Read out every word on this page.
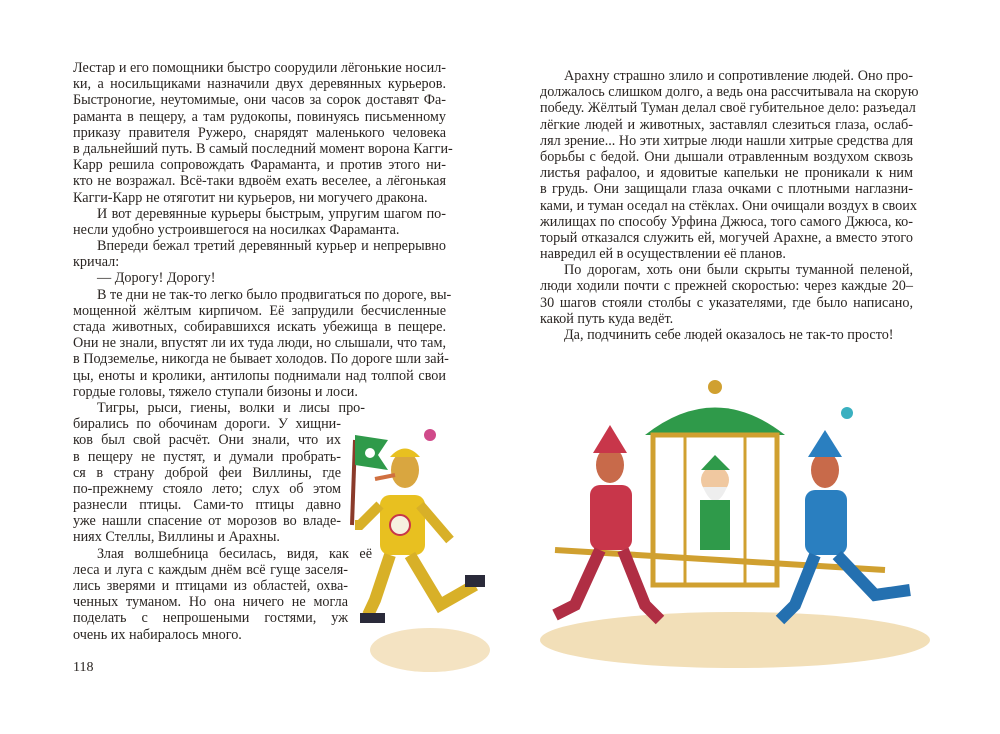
Лестар и его помощники быстро соорудили лёгонькие носил-
ки, а носильщиками назначили двух деревянных курьеров.
Быстроногие, неутомимые, они часов за сорок доставят Фа-
раманта в пещеру, а там рудокопы, повинуясь письменному
приказу правителя Ружеро, снарядят маленького человека
в дальнейший путь. В самый последний момент ворона Кагги-
Карр решила сопровождать Фараманта, и против этого ни-
кто не возражал. Всё-таки вдвоём ехать веселее, а лёгонькая
Кагги-Карр не отяготит ни курьеров, ни могучего дракона.
И вот деревянные курьеры быстрым, упругим шагом по-
несли удобно устроившегося на носилках Фараманта.
Впереди бежал третий деревянный курьер и непрерывно
кричал:
— Дорогу! Дорогу!
В те дни не так-то легко было продвигаться по дороге, вы-
мощенной жёлтым кирпичом. Её запрудили бесчисленные
стада животных, собиравшихся искать убежища в пещере.
Они не знали, впустят ли их туда люди, но слышали, что там,
в Подземелье, никогда не бывает холодов. По дороге шли зай-
цы, еноты и кролики, антилопы поднимали над толпой свои
гордые головы, тяжело ступали бизоны и лоси.
Тигры, рыси, гиены, волки и лисы про-
бирались по обочинам дороги. У хищни-
ков был свой расчёт. Они знали, что их
в пещеру не пустят, и думали пробрать-
ся в страну доброй феи Виллины, где
по-прежнему стояло лето; слух об этом
разнесли птицы. Сами-то птицы давно
уже нашли спасение от морозов во владе-
ниях Стеллы, Виллины и Арахны.
Злая волшебница бесилась, видя, как её
леса и луга с каждым днём всё гуще заселя-
лись зверями и птицами из областей, охва-
ченных туманом. Но она ничего не могла
поделать с непрошеными гостями, уж
очень их набиралось много.
Арахну страшно злило и сопротивление людей. Оно про-
должалось слишком долго, а ведь она рассчитывала на скорую
победу. Жёлтый Туман делал своё губительное дело: разъедал
лёгкие людей и животных, заставлял слезиться глаза, ослаб-
лял зрение... Но эти хитрые люди нашли хитрые средства для
борьбы с бедой. Они дышали отравленным воздухом сквозь
листья рафалоо, и ядовитые капельки не проникали к ним
в грудь. Они защищали глаза очками с плотными наглазни-
ками, и туман оседал на стёклах. Они очищали воздух в своих
жилищах по способу Урфина Джюса, того самого Джюса, ко-
торый отказался служить ей, могучей Арахне, а вместо этого
навредил ей в осуществлении её планов.
По дорогам, хоть они были скрыты туманной пеленой,
люди ходили почти с прежней скоростью: через каждые 20–
30 шагов стояли столбы с указателями, где было написано,
какой путь куда ведёт.
Да, подчинить себе людей оказалось не так-то просто!
118
